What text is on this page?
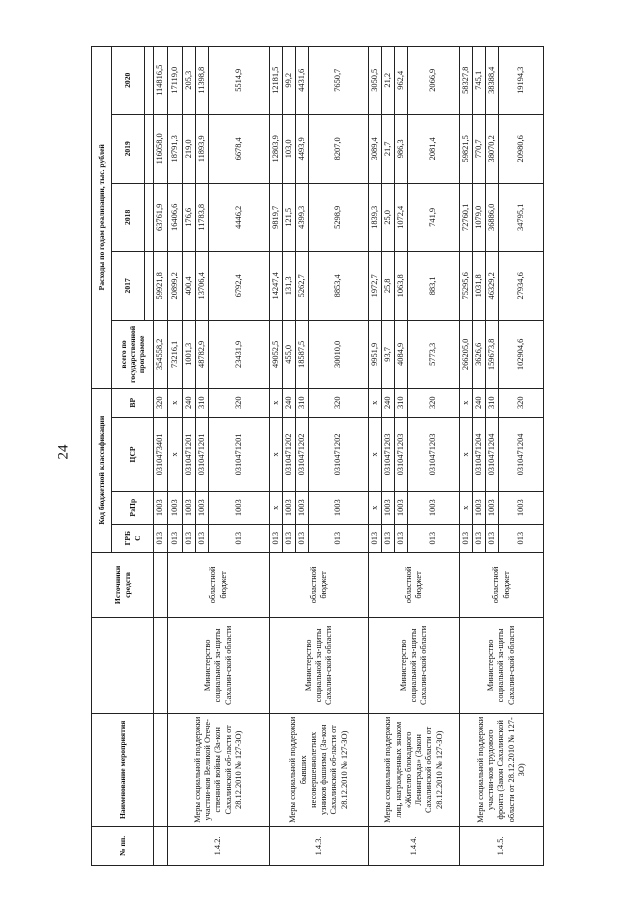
24
№ пп.	Наименование мероприятия		Источники средств	Код бюджетной классификации				Расходы по годам реализации, тыс. рублей				
				ГРБ С	РзПр	ЦСР	ВР	всего по государственной программе	2017	2018	2019	2020

				013	1003	0310473401	320	354558,2	59921,8	63761,9	116058,0	114816,5
1.4.2.	Меры социальной поддержки участни-ков Великой Отече-ственной войны (За-кон Сахалинской об-ласти от 28.12.2010 № 127-ЗО)	Министерство социальной за-щиты Сахалин-ской области	областной бюджет	013	1003	х	х	73216,1	20899,2	16406,6	18791,3	17119,0
				013	1003	0310471201	240	1001,3	400,4	176,6	219,0	205,3
				013	1003	0310471201	310	48782,9	13706,4	11783,8	11893,9	11398,8
				013	1003	0310471201	320	23431,9	6792,4	4446,2	6678,4	5514,9
1.4.3.	Меры социальной поддержки бывших несовершеннолетних узников фашизма (За-кон Сахалинской об-ласти от 28.12.2010 № 127-ЗО)	Министерство социальной за-щиты Сахалин-ской области	областной бюджет	013	х	х	х	49052,5	14247,4	9819,7	12803,9	12181,5
				013	1003	0310471202	240	455,0	131,3	121,5	103,0	99,2
				013	1003	0310471202	310	18587,5	5262,7	4399,3	4493,9	4431,6
				013	1003	0310471202	320	30010,0	8853,4	5298,9	8207,0	7650,7
1.4.4.	Меры социальной поддержки лиц, награжденных знаком «Жителю блокадного Ленинграда» (Закон Сахалинской области от 28.12.2010 № 127-ЗО)	Министерство социальной за-щиты Сахалин-ской области	областной бюджет	013	х	х	х	9951,9	1972,7	1839,3	3089,4	3050,5
				013	1003	0310471203	240	93,7	25,8	25,0	21,7	21,2
				013	1003	0310471203	310	4084,9	1063,8	1072,4	986,3	962,4
				013	1003	0310471203	320	5773,3	883,1	741,9	2081,4	2066,9
1.4.5.	Меры социальной поддержки участни-ков трудового фронта (Закон Сахалинской области от 28.12.2010 № 127-ЗО)	Министерство социальной за-щиты Сахалин-ской области	областной бюджет	013	х	х	х	266205,0	75295,6	72760,1	59821,5	58327,8
				013	1003	0310471204	240	3626,6	1031,8	1079,0	770,7	745,1
				013	1003	0310471204	310	159673,8	46329,2	36886,0	38070,2	38388,4
				013	1003	0310471204	320	102904,6	27934,6	34795,1	20980,6	19194,3
